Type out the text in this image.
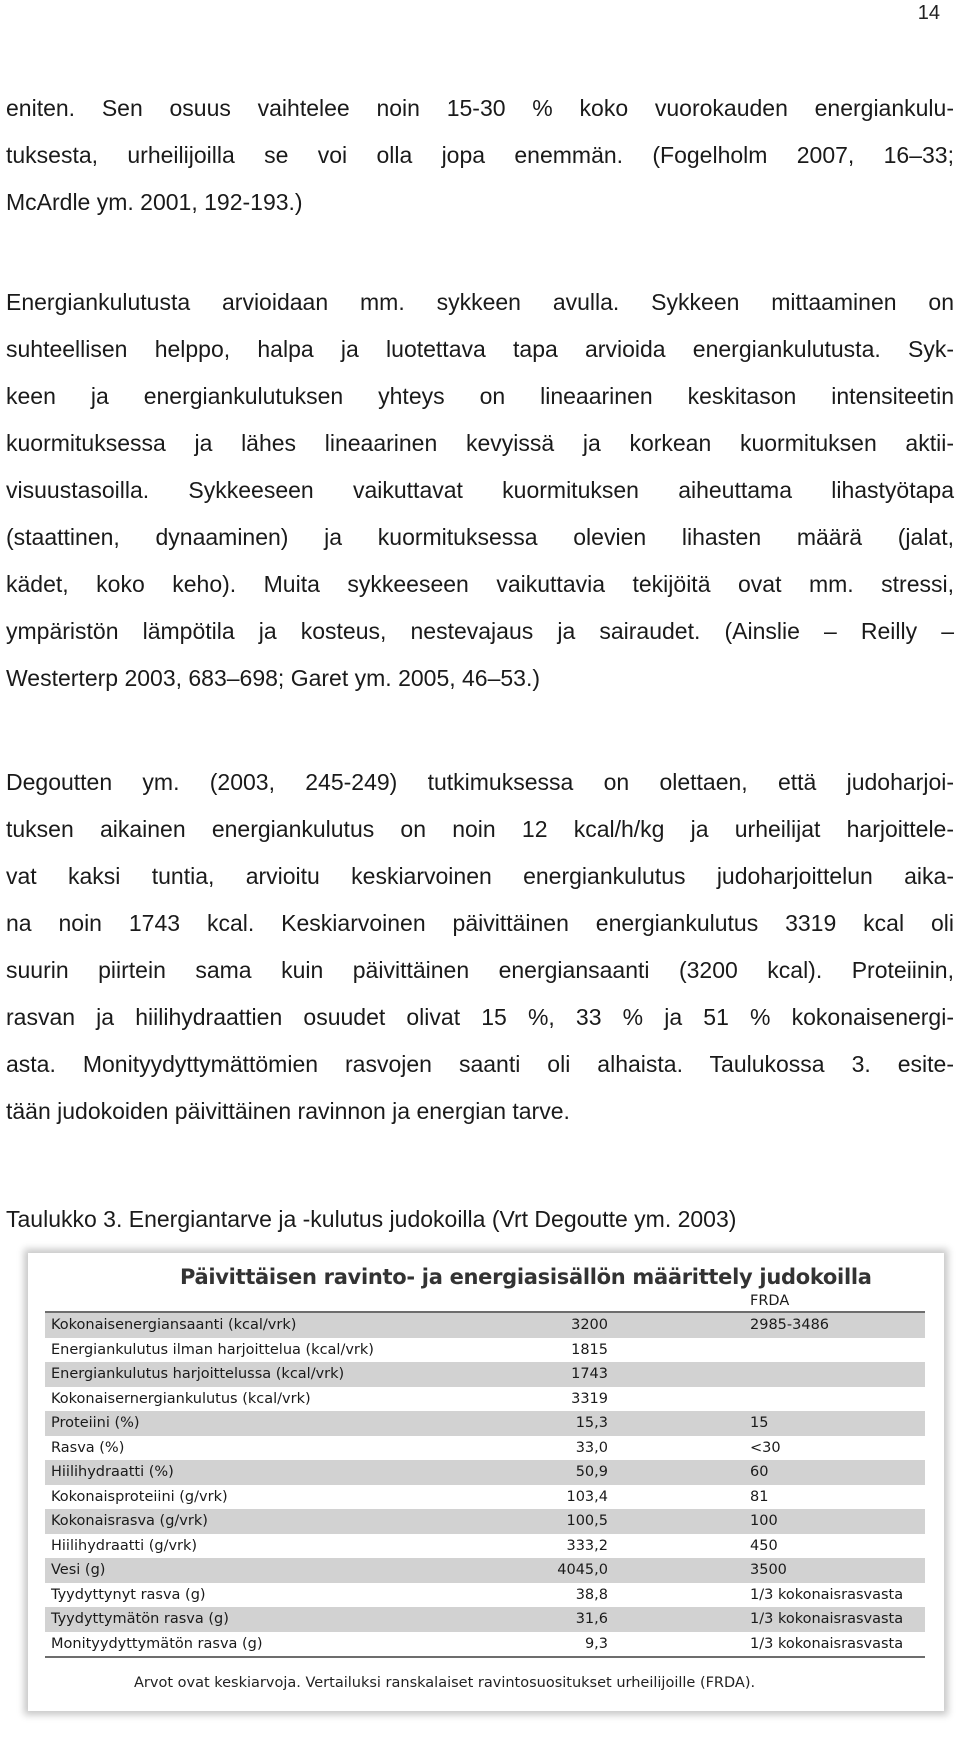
14
eniten. Sen osuus vaihtelee noin 15-30 % koko vuorokauden energiankulu-
tuksesta, urheilijoilla se voi olla jopa enemmän. (Fogelholm 2007, 16–33;
McArdle ym. 2001, 192-193.)
Energiankulutusta arvioidaan mm. sykkeen avulla. Sykkeen mittaaminen on
suhteellisen helppo, halpa ja luotettava tapa arvioida energiankulutusta. Syk-
keen ja energiankulutuksen yhteys on lineaarinen keskitason intensiteetin
kuormituksessa ja lähes lineaarinen kevyissä ja korkean kuormituksen aktii-
visuustasoilla. Sykkeeseen vaikuttavat kuormituksen aiheuttama lihastyötapa
(staattinen, dynaaminen) ja kuormituksessa olevien lihasten määrä (jalat,
kädet, koko keho). Muita sykkeeseen vaikuttavia tekijöitä ovat mm. stressi,
ympäristön lämpötila ja kosteus, nestevajaus ja sairaudet. (Ainslie – Reilly –
Westerterp 2003, 683–698; Garet ym. 2005, 46–53.)
Degoutten ym. (2003, 245-249) tutkimuksessa on olettaen, että judoharjoi-
tuksen aikainen energiankulutus on noin 12 kcal/h/kg ja urheilijat harjoittele-
vat kaksi tuntia, arvioitu keskiarvoinen energiankulutus judoharjoittelun aika-
na noin 1743 kcal. Keskiarvoinen päivittäinen energiankulutus 3319 kcal oli
suurin piirtein sama kuin päivittäinen energiansaanti (3200 kcal). Proteiinin,
rasvan ja hiilihydraattien osuudet olivat 15 %, 33 % ja 51 % kokonaisenergi-
asta. Monityydyttymättömien rasvojen saanti oli alhaista. Taulukossa 3. esite-
tään judokoiden päivittäinen ravinnon ja energian tarve.
Taulukko 3. Energiantarve ja -kulutus judokoilla (Vrt Degoutte ym. 2003)
Päivittäisen ravinto- ja energiasisällön määrittely judokoilla
FRDA
Kokonaisenergiansaanti (kcal/vrk)	3200	2985-3486
Energiankulutus ilman harjoittelua (kcal/vrk)	1815
Energiankulutus harjoittelussa (kcal/vrk)	1743
Kokonaisernergiankulutus (kcal/vrk)	3319
Proteiini (%)	15,3	15
Rasva (%)	33,0	<30
Hiilihydraatti (%)	50,9	60
Kokonaisproteiini (g/vrk)	103,4	81
Kokonaisrasva (g/vrk)	100,5	100
Hiilihydraatti (g/vrk)	333,2	450
Vesi (g)	4045,0	3500
Tyydyttynyt rasva (g)	38,8	1/3 kokonaisrasvasta
Tyydyttymätön rasva (g)	31,6	1/3 kokonaisrasvasta
Monityydyttymätön rasva (g)	9,3	1/3 kokonaisrasvasta
Arvot ovat keskiarvoja. Vertailuksi ranskalaiset ravintosuositukset urheilijoille (FRDA).
